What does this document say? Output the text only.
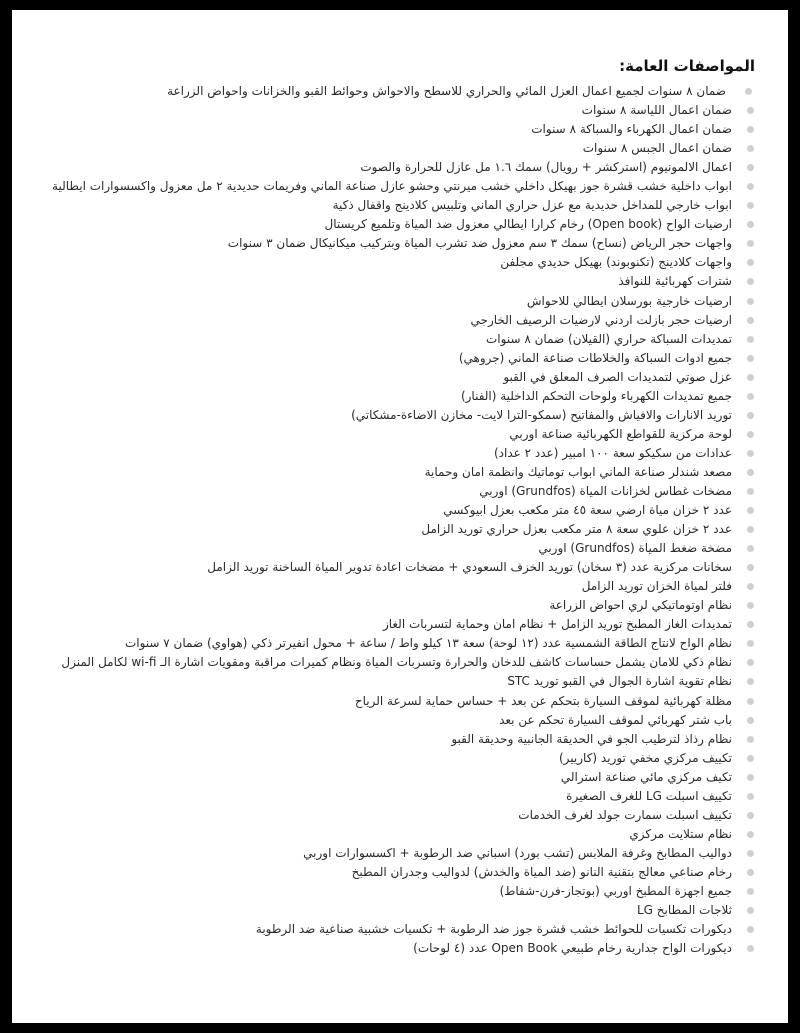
المواصفات العامة:
ضمان ٨ سنوات لجميع اعمال العزل المائي والحراري للاسطح والاحواش وحوائط القبو والخزانات واحواض الزراعة
ضمان اعمال اللياسة ٨ سنوات
ضمان اعمال الكهرباء والسباكة ٨ سنوات
ضمان اعمال الجبس ٨ سنوات
اعمال الالمونيوم (استركشر + رويال) سمك ١.٦ مل عازل للحرارة والصوت
ابواب داخلية خشب قشرة جوز بهيكل داخلي خشب ميرنتي وحشو عازل صناعة الماني وفريمات حديدية ٢ مل معزول واكسسوارات ايطالية
ابواب خارجي للمداخل حديدية مع عزل حراري الماني وتلبيس كلادينج واقفال ذكية
ارضيات الواح (Open book) رخام كرارا ايطالي معزول ضد المياة وتلميع كريستال
واجهات حجر الرياض (نساح) سمك ٣ سم معزول ضد تشرب المياة وبتركيب ميكانيكال ضمان ٣ سنوات
واجهات كلادينج (تكنوبوند) بهيكل حديدي مجلفن
شترات كهربائية للنوافذ
ارضيات خارجية بورسلان ايطالي للاحواش
ارضيات حجر بازلت اردني لارضيات الرصيف الخارجي
تمديدات السباكة حراري (القيلان) ضمان ٨ سنوات
جميع ادوات السباكة والخلاطات صناعة الماني (جروهي)
عزل صوتي لتمديدات الصرف المعلق في القبو
جميع تمديدات الكهرباء ولوحات التحكم الداخلية (الفنار)
توريد الانارات والافياش والمفاتيح (سمكو-الترا لايت- مخازن الاضاءة-مشكاتي)
لوحة مركزية للقواطع الكهربائية صناعة اوربي
عدادات من سكيكو سعة ١٠٠ امبير (عدد ٢ عداد)
مصعد شندلر صناعة الماني ابواب توماتيك وانظمة امان وحماية
مضخات غطاس لخزانات المياة (Grundfos) اوربي
عدد ٢ خزان مياة ارضي سعة ٤٥ متر مكعب بعزل ابيوكسي
عدد ٢ خزان علوي سعة ٨ متر مكعب بعزل حراري توريد الزامل
مضخة ضغط المياة (Grundfos) اوربي
سخانات مركزية عدد (٣ سخان) توريد الخزف السعودي + مضخات اعادة تدوير المياة الساخنة توريد الزامل
فلتر لمياة الخزان توريد الزامل
نظام اوتوماتيكي لري احواض الزراعة
تمديدات الغاز المطبخ توريد الزامل + نظام امان وحماية لتسربات الغاز
نظام الواح لانتاج الطاقة الشمسية عدد (١٢ لوحة) سعة ١٣ كيلو واط / ساعة + محول انفيرتر ذكي (هواوي) ضمان ٧ سنوات
نظام ذكي للامان يشمل حساسات كاشف للدخان والحرارة وتسربات المياة ونظام كميرات مراقبة ومقويات اشارة الـ wi-fi لكامل المنزل
نظام تقوية اشارة الجوال في القبو توريد STC
مظلة كهربائية لموقف السيارة بتحكم عن بعد + حساس حماية لسرعة الرياح
باب شتر كهربائي لموقف السيارة تحكم عن بعد
نظام رذاذ لترطيب الجو في الحديقة الجانبية وحديقة القبو
تكييف مركزي مخفي توريد (كاريير)
تكيف مركزي مائي صناعة استرالي
تكييف اسبلت LG للغرف الصغيرة
تكييف اسبلت سمارت جولد لغرف الخدمات
نظام ستلايت مركزي
دواليب المطابخ وغرفة الملابس (تشب بورد) اسباني ضد الرطوبة + اكسسوارات اوربي
رخام صناعي معالج بتقنية النانو (ضد المياة والخدش) لدواليب وجدران المطبخ
جميع اجهزة المطبخ اوربي (بوتجاز-فرن-شفاط)
ثلاجات المطابخ LG
ديكورات تكسيات للحوائط خشب قشرة جوز ضد الرطوبة + تكسيات خشبية صناعية ضد الرطوبة
ديكورات الواح جدارية رخام طبيعي Open Book عدد (٤ لوحات)
